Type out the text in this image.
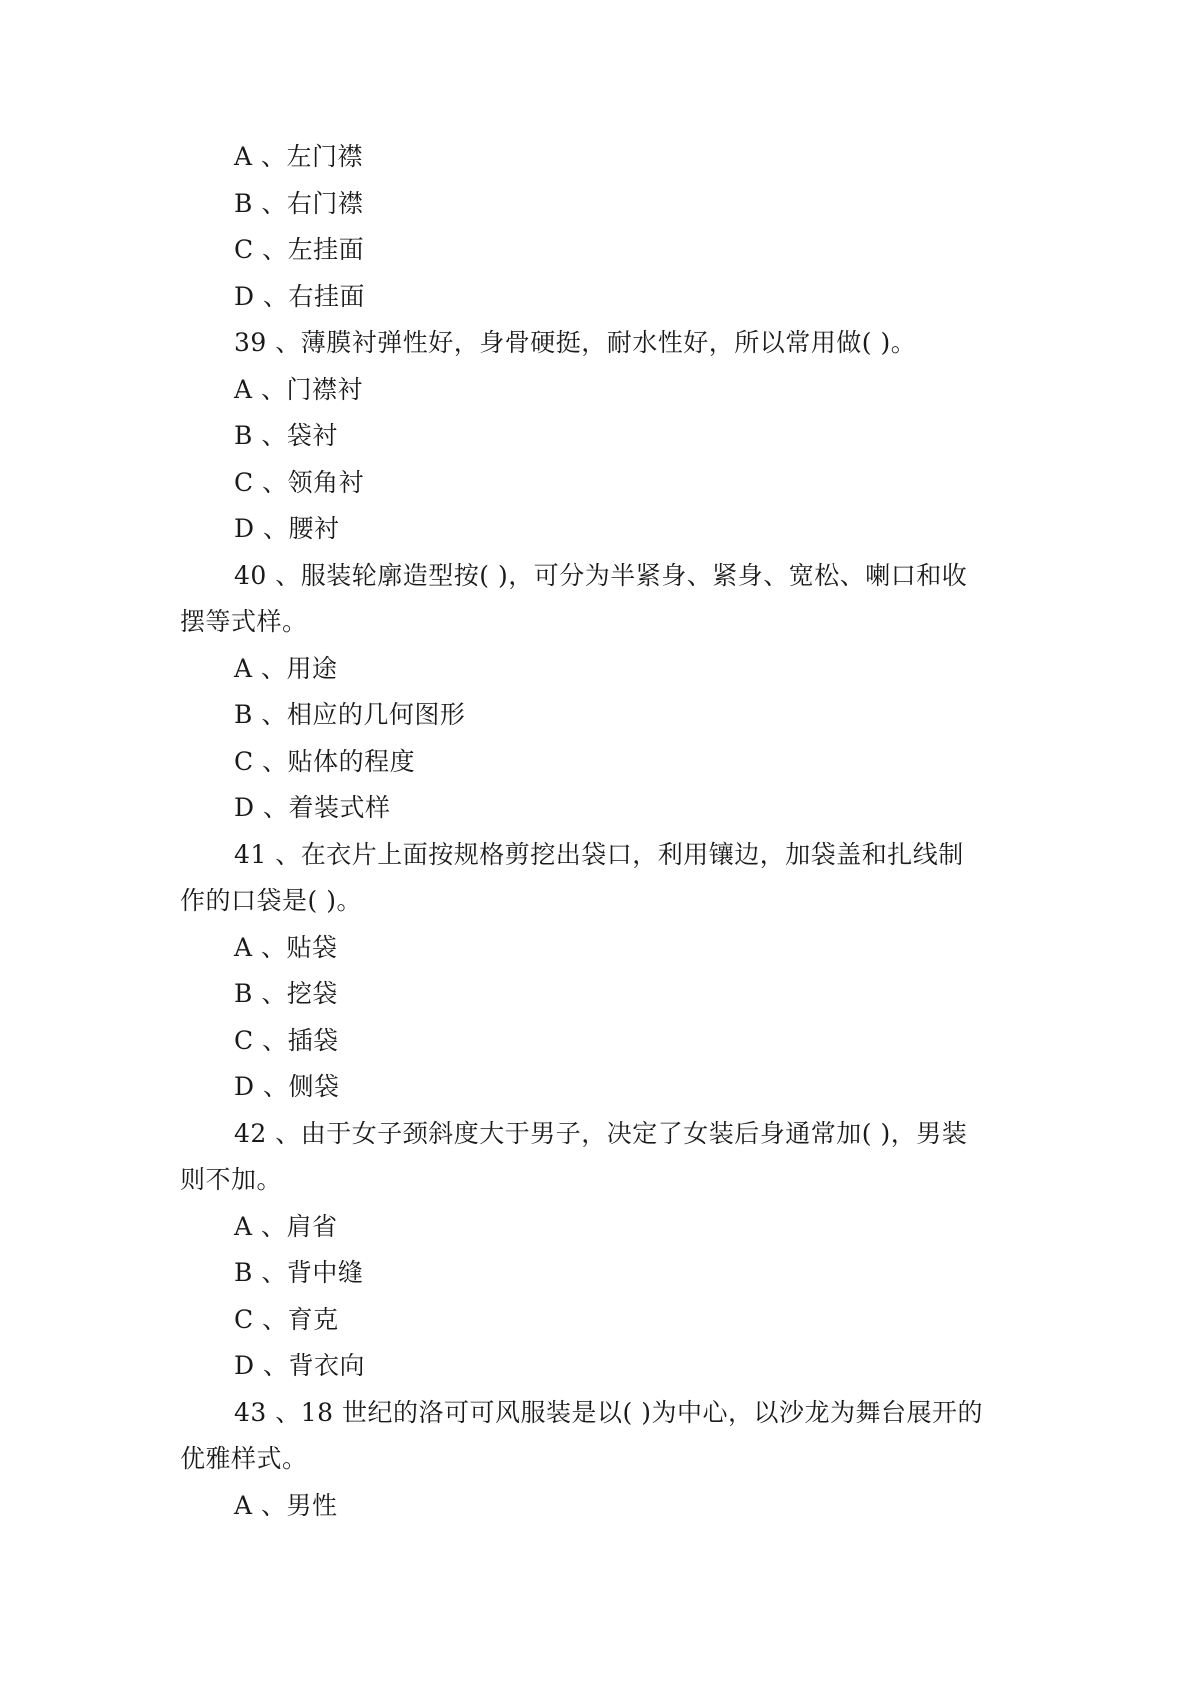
A 、左门襟
B 、右门襟
C 、左挂面
D 、右挂面
39 、薄膜衬弹性好，身骨硬挺，耐水性好，所以常用做( )。
A 、门襟衬
B 、袋衬
C 、领角衬
D 、腰衬
40 、服装轮廓造型按( )，可分为半紧身、紧身、宽松、喇口和收
摆等式样。
A 、用途
B 、相应的几何图形
C 、贴体的程度
D 、着装式样
41 、在衣片上面按规格剪挖出袋口，利用镶边，加袋盖和扎线制
作的口袋是( )。
A 、贴袋
B 、挖袋
C 、插袋
D 、侧袋
42 、由于女子颈斜度大于男子，决定了女装后身通常加( )，男装
则不加。
A 、肩省
B 、背中缝
C 、育克
D 、背衣向
43 、18 世纪的洛可可风服装是以( )为中心，以沙龙为舞台展开的
优雅样式。
A 、男性
